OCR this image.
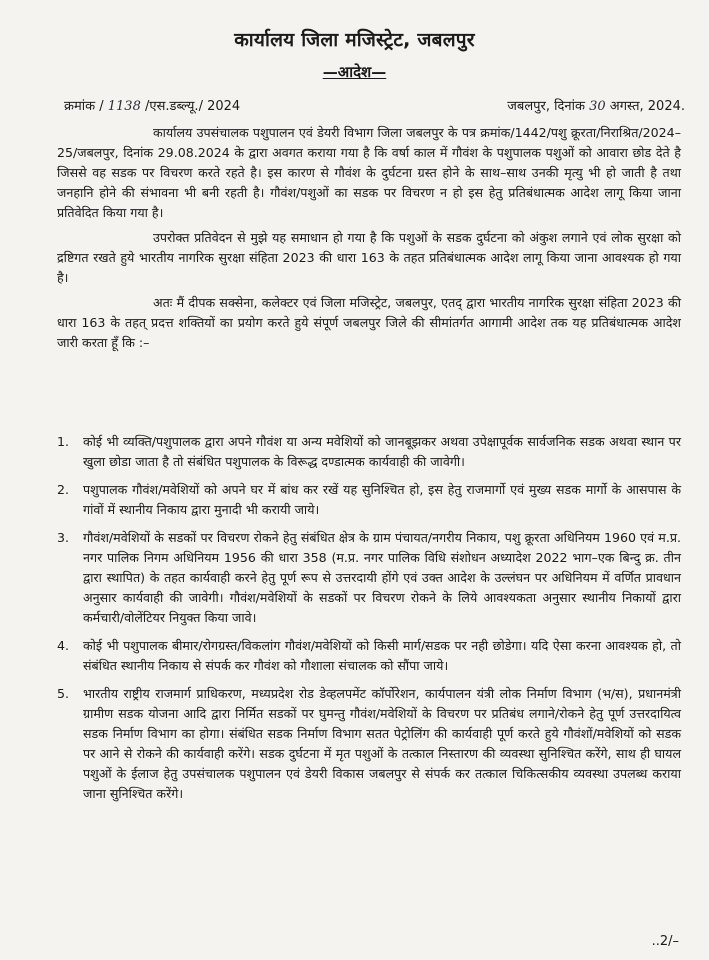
कार्यालय जिला मजिस्ट्रेट, जबलपुर
—आदेश—
क्रमांक / 1138 /एस.डब्ल्यू./ 2024	जबलपुर, दिनांक 30 अगस्त, 2024.

कार्यालय उपसंचालक पशुपालन एवं डेयरी विभाग जिला जबलपुर के पत्र क्रमांक/1442/पशु क्रूरता/निराश्रित/2024–25/जबलपुर, दिनांक 29.08.2024 के द्वारा अवगत कराया गया है कि वर्षा काल में गौवंश के पशुपालक पशुओं को आवारा छोड देते है जिससे वह सडक पर विचरण करते रहते है। इस कारण से गौवंश के दुर्घटना ग्रस्त होने के साथ–साथ उनकी मृत्यु भी हो जाती है तथा जनहानि होने की संभावना भी बनी रहती है। गौवंश/पशुओं का सडक पर विचरण न हो इस हेतु प्रतिबंधात्मक आदेश लागू किया जाना प्रतिवेदित किया गया है।

उपरोक्त प्रतिवेदन से मुझे यह समाधान हो गया है कि पशुओं के सडक दुर्घटना को अंकुश लगाने एवं लोक सुरक्षा को द्रष्टिगत रखते हुये भारतीय नागरिक सुरक्षा संहिता 2023 की धारा 163 के तहत प्रतिबंधात्मक आदेश लागू किया जाना आवश्यक हो गया है।

अतः मैं दीपक सक्सेना, कलेक्टर एवं जिला मजिस्ट्रेट, जबलपुर, एतद् द्वारा भारतीय नागरिक सुरक्षा संहिता 2023 की धारा 163 के तहत् प्रदत्त शक्तियों का प्रयोग करते हुये संपूर्ण जबलपुर जिले की सीमांतर्गत आगामी आदेश तक यह प्रतिबंधात्मक आदेश जारी करता हूँ कि :–

1. कोई भी व्यक्ति/पशुपालक द्वारा अपने गौवंश या अन्य मवेशियों को जानबूझकर अथवा उपेक्षापूर्वक सार्वजनिक सडक अथवा स्थान पर खुला छोडा जाता है तो संबंधित पशुपालक के विरूद्ध दण्डात्मक कार्यवाही की जावेगी।
2. पशुपालक गौवंश/मवेशियों को अपने घर में बांध कर रखें यह सुनिश्चित हो, इस हेतु राजमार्गो एवं मुख्य सडक मार्गो के आसपास के गांवों में स्थानीय निकाय द्वारा मुनादी भी करायी जाये।
3. गौवंश/मवेशियों के सडकों पर विचरण रोकने हेतु संबंधित क्षेत्र के ग्राम पंचायत/नगरीय निकाय, पशु क्रूरता अधिनियम 1960 एवं म.प्र. नगर पालिक निगम अधिनियम 1956 की धारा 358 (म.प्र. नगर पालिक विधि संशोधन अध्यादेश 2022 भाग–एक बिन्दु क्र. तीन द्वारा स्थापित) के तहत कार्यवाही करने हेतु पूर्ण रूप से उत्तरदायी होंगे एवं उक्त आदेश के उल्लंघन पर अधिनियम में वर्णित प्रावधान अनुसार कार्यवाही की जावेगी। गौवंश/मवेशियों के सडकों पर विचरण रोकने के लिये आवश्यकता अनुसार स्थानीय निकायों द्वारा कर्मचारी/वोलेंटियर नियुक्त किया जावे।
4. कोई भी पशुपालक बीमार/रोगग्रस्त/विकलांग गौवंश/मवेशियों को किसी मार्ग/सडक पर नही छोडेगा। यदि ऐसा करना आवश्यक हो, तो संबंधित स्थानीय निकाय से संपर्क कर गौवंश को गौशाला संचालक को सौंपा जाये।
5. भारतीय राष्ट्रीय राजमार्ग प्राधिकरण, मध्यप्रदेश रोड डेव्हलपमेंट कॉर्पोरेशन, कार्यपालन यंत्री लोक निर्माण विभाग (भ/स), प्रधानमंत्री ग्रामीण सडक योजना आदि द्वारा निर्मित सडकों पर घुमन्तु गौवंश/मवेशियों के विचरण पर प्रतिबंध लगाने/रोकने हेतु पूर्ण उत्तरदायित्व सडक निर्माण विभाग का होगा। संबंधित सडक निर्माण विभाग सतत पेट्रोलिंग की कार्यवाही पूर्ण करते हुये गौवंशों/मवेशियों को सडक पर आने से रोकने की कार्यवाही करेंगे। सडक दुर्घटना में मृत पशुओं के तत्काल निस्तारण की व्यवस्था सुनिश्चित करेंगे, साथ ही घायल पशुओं के ईलाज हेतु उपसंचालक पशुपालन एवं डेयरी विकास जबलपुर से संपर्क कर तत्काल चिकित्सकीय व्यवस्था उपलब्ध कराया जाना सुनिश्चित करेंगे।
..2/–
